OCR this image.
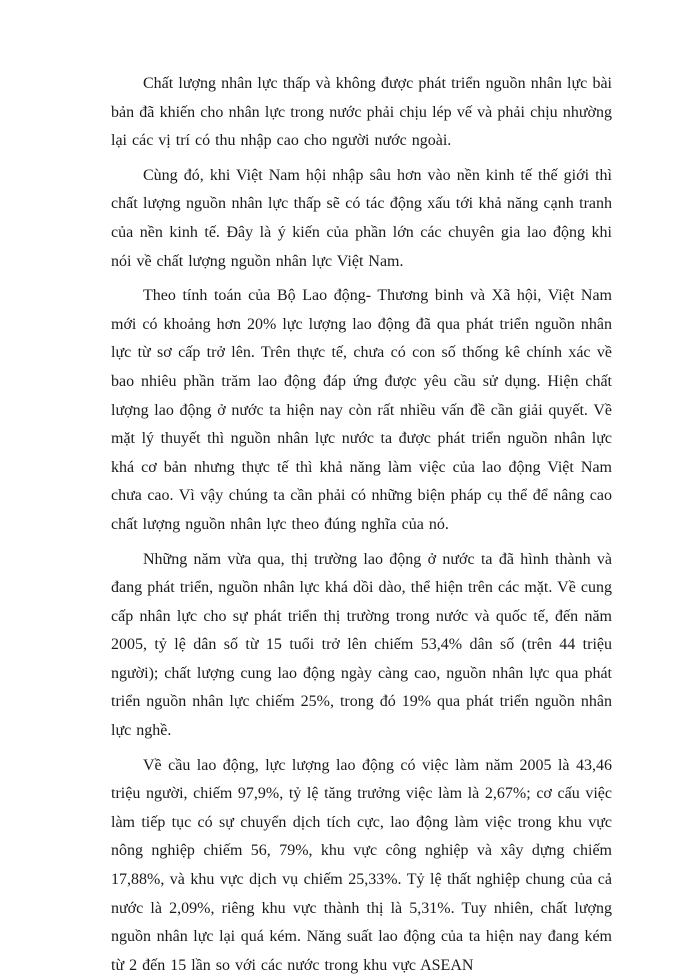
Chất lượng nhân lực thấp và không được phát triển nguồn nhân lực bài bản đã khiến cho nhân lực trong nước phải chịu lép vế và phải chịu nhường lại các vị trí có thu nhập cao cho người nước ngoài.

Cùng đó, khi Việt Nam hội nhập sâu hơn vào nền kinh tế thế giới thì chất lượng nguồn nhân lực thấp sẽ có tác động xấu tới khả năng cạnh tranh của nền kinh tế. Đây là ý kiến của phần lớn các chuyên gia lao động khi nói về chất lượng nguồn nhân lực Việt Nam.

Theo tính toán của Bộ Lao động- Thương binh và Xã hội, Việt Nam mới có khoảng hơn 20% lực lượng lao động đã qua phát triển nguồn nhân lực từ sơ cấp trở lên. Trên thực tế, chưa có con số thống kê chính xác về bao nhiêu phần trăm lao động đáp ứng được yêu cầu sử dụng. Hiện chất lượng lao động ở nước ta hiện nay còn rất nhiều vấn đề cần giải quyết. Về mặt lý thuyết thì nguồn nhân lực nước ta được phát triển nguồn nhân lực khá cơ bản nhưng thực tế thì khả năng làm việc của lao động Việt Nam chưa cao. Vì vậy chúng ta cần phải có những biện pháp cụ thể để nâng cao chất lượng nguồn nhân lực theo đúng nghĩa của nó.

Những năm vừa qua, thị trường lao động ở nước ta đã hình thành và đang phát triển, nguồn nhân lực khá dồi dào, thể hiện trên các mặt. Về cung cấp nhân lực cho sự phát triển thị trường trong nước và quốc tế, đến năm 2005, tỷ lệ dân số từ 15 tuổi trở lên chiếm 53,4% dân số (trên 44 triệu người); chất lượng cung lao động ngày càng cao, nguồn nhân lực qua phát triển nguồn nhân lực chiếm 25%, trong đó 19% qua phát triển nguồn nhân lực nghề.

Về cầu lao động, lực lượng lao động có việc làm năm 2005 là 43,46 triệu người, chiếm 97,9%, tỷ lệ tăng trưởng việc làm là 2,67%; cơ cấu việc làm tiếp tục có sự chuyển dịch tích cực, lao động làm việc trong khu vực nông nghiệp chiếm 56, 79%, khu vực công nghiệp và xây dựng chiếm 17,88%, và khu vực dịch vụ chiếm 25,33%. Tỷ lệ thất nghiệp chung của cả nước là 2,09%, riêng khu vực thành thị là 5,31%. Tuy nhiên, chất lượng nguồn nhân lực lại quá kém. Năng suất lao động của ta hiện nay đang kém từ 2 đến 15 lần so với các nước trong khu vực ASEAN
